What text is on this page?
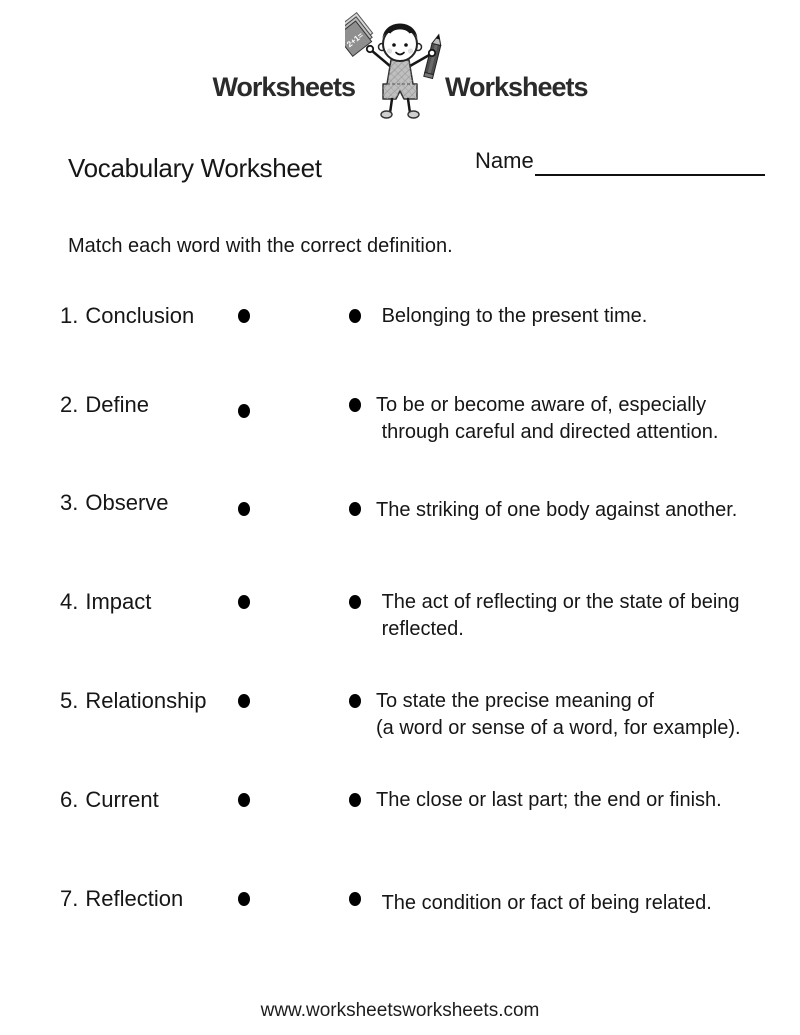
Worksheets
2+1=
Worksheets
Vocabulary Worksheet	Name
Match each word with the correct definition.
1. Conclusion	Belonging to the present time.
2. Define	To be or become aware of, especially
through careful and directed attention.
3. Observe	The striking of one body against another.
4. Impact	The act of reflecting or the state of being
reflected.
5. Relationship	To state the precise meaning of
(a word or sense of a word, for example).
6. Current	The close or last part; the end or finish.
7. Reflection	The condition or fact of being related.
www.worksheetsworksheets.com
